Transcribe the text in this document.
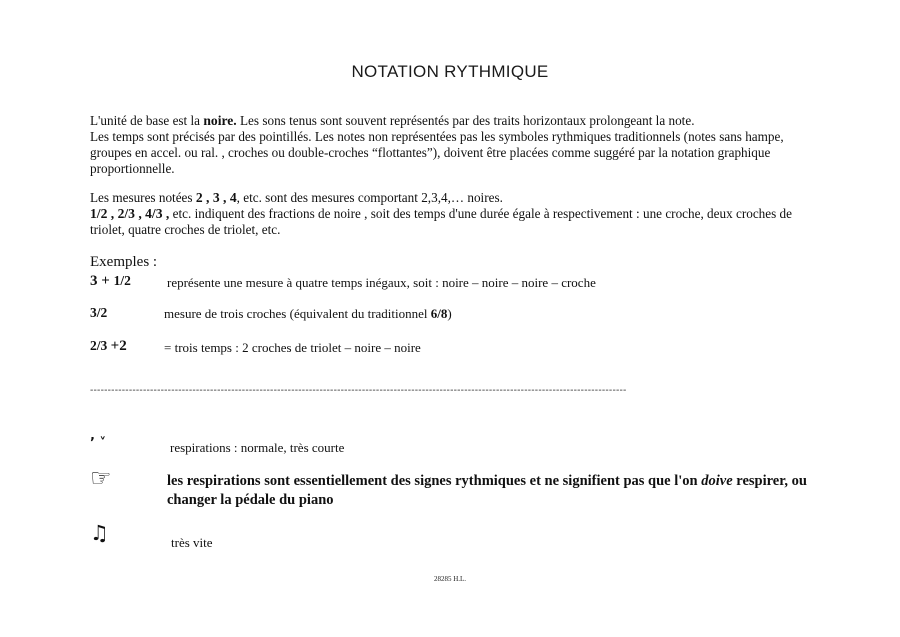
NOTATION RYTHMIQUE
L'unité de base est la noire. Les sons tenus sont souvent représentés par des traits horizontaux prolongeant la note.
Les temps sont précisés par des pointillés. Les notes non représentées pas les symboles rythmiques traditionnels (notes sans hampe, groupes en accel. ou ral. , croches ou double-croches “flottantes”), doivent être placées comme suggéré par la notation graphique proportionnelle.
Les mesures notées 2 , 3 , 4, etc. sont des mesures comportant 2,3,4,… noires.
1/2 , 2/3 , 4/3 , etc. indiquent des fractions de noire , soit des temps d'une durée égale à respectivement : une croche, deux croches de triolet, quatre croches de triolet, etc.
Exemples :
3 + 1/2	représente une mesure à quatre temps inégaux, soit : noire – noire – noire – croche
3/2	mesure de trois croches (équivalent du traditionnel 6/8)
2/3 +2	= trois temps : 2 croches de triolet – noire – noire
--------------------------------------------------------------------------------------------------------------------------------------------------------
’ ˅	respirations : normale, très courte
☞	les respirations sont essentiellement des signes rythmiques et ne signifient pas que l'on doive respirer, ou changer la pédale du piano
♫	très vite
28285 H.L.
